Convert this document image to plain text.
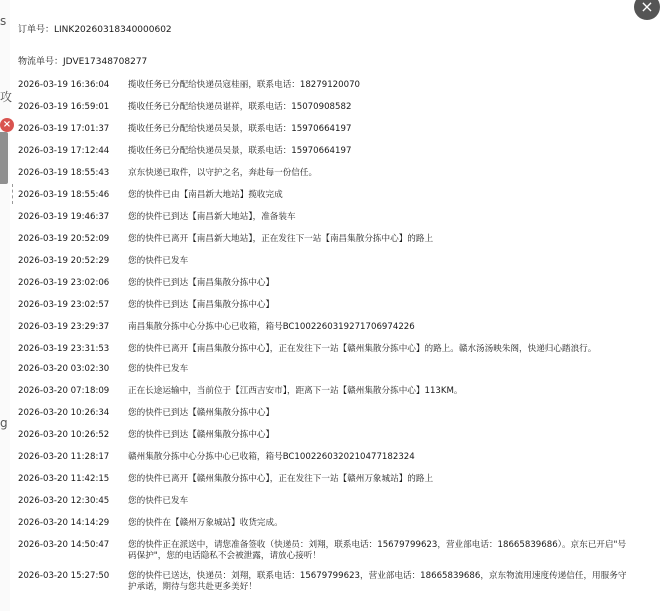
s
攻
×
g
×
订单号：LINK20260318340000602
物流单号：JDVE17348708277
2026-03-19 16:36:04	揽收任务已分配给快递员寇桂丽，联系电话：18279120070
2026-03-19 16:59:01	揽收任务已分配给快递员谌祥，联系电话：15070908582
2026-03-19 17:01:37	揽收任务已分配给快递员吴景，联系电话：15970664197
2026-03-19 17:12:44	揽收任务已分配给快递员吴景，联系电话：15970664197
2026-03-19 18:55:43	京东快递已取件，以守护之名，奔赴每一份信任。
2026-03-19 18:55:46	您的快件已由【南昌新大地站】揽收完成
2026-03-19 19:46:37	您的快件已到达【南昌新大地站】，准备装车
2026-03-19 20:52:09	您的快件已离开【南昌新大地站】，正在发往下一站【南昌集散分拣中心】的路上
2026-03-19 20:52:29	您的快件已发车
2026-03-19 23:02:06	您的快件已到达【南昌集散分拣中心】
2026-03-19 23:02:57	您的快件已到达【南昌集散分拣中心】
2026-03-19 23:29:37	南昌集散分拣中心分拣中心已收箱，箱号BC1002260319271706974226
2026-03-19 23:31:53	您的快件已离开【南昌集散分拣中心】，正在发往下一站【赣州集散分拣中心】的路上。赣水汤汤映朱阁，快递归心踏浪行。
2026-03-20 03:02:30	您的快件已发车
2026-03-20 07:18:09	正在长途运输中，当前位于【江西吉安市】，距离下一站【赣州集散分拣中心】113KM。
2026-03-20 10:26:34	您的快件已到达【赣州集散分拣中心】
2026-03-20 10:26:52	您的快件已到达【赣州集散分拣中心】
2026-03-20 11:28:17	赣州集散分拣中心分拣中心已收箱，箱号BC1002260320210477182324
2026-03-20 11:42:15	您的快件已离开【赣州集散分拣中心】，正在发往下一站【赣州万象城站】的路上
2026-03-20 12:30:45	您的快件已发车
2026-03-20 14:14:29	您的快件在【赣州万象城站】收货完成。
2026-03-20 14:50:47	您的快件正在派送中，请您准备签收（快递员：刘翔，联系电话：15679799623，营业部电话：18665839686）。京东已开启"号码保护"，您的电话隐私不会被泄露，请放心接听！
2026-03-20 15:27:50	您的快件已送达，快递员：刘翔，联系电话：15679799623，营业部电话：18665839686，京东物流用速度传递信任，用服务守护承诺，期待与您共赴更多美好！
